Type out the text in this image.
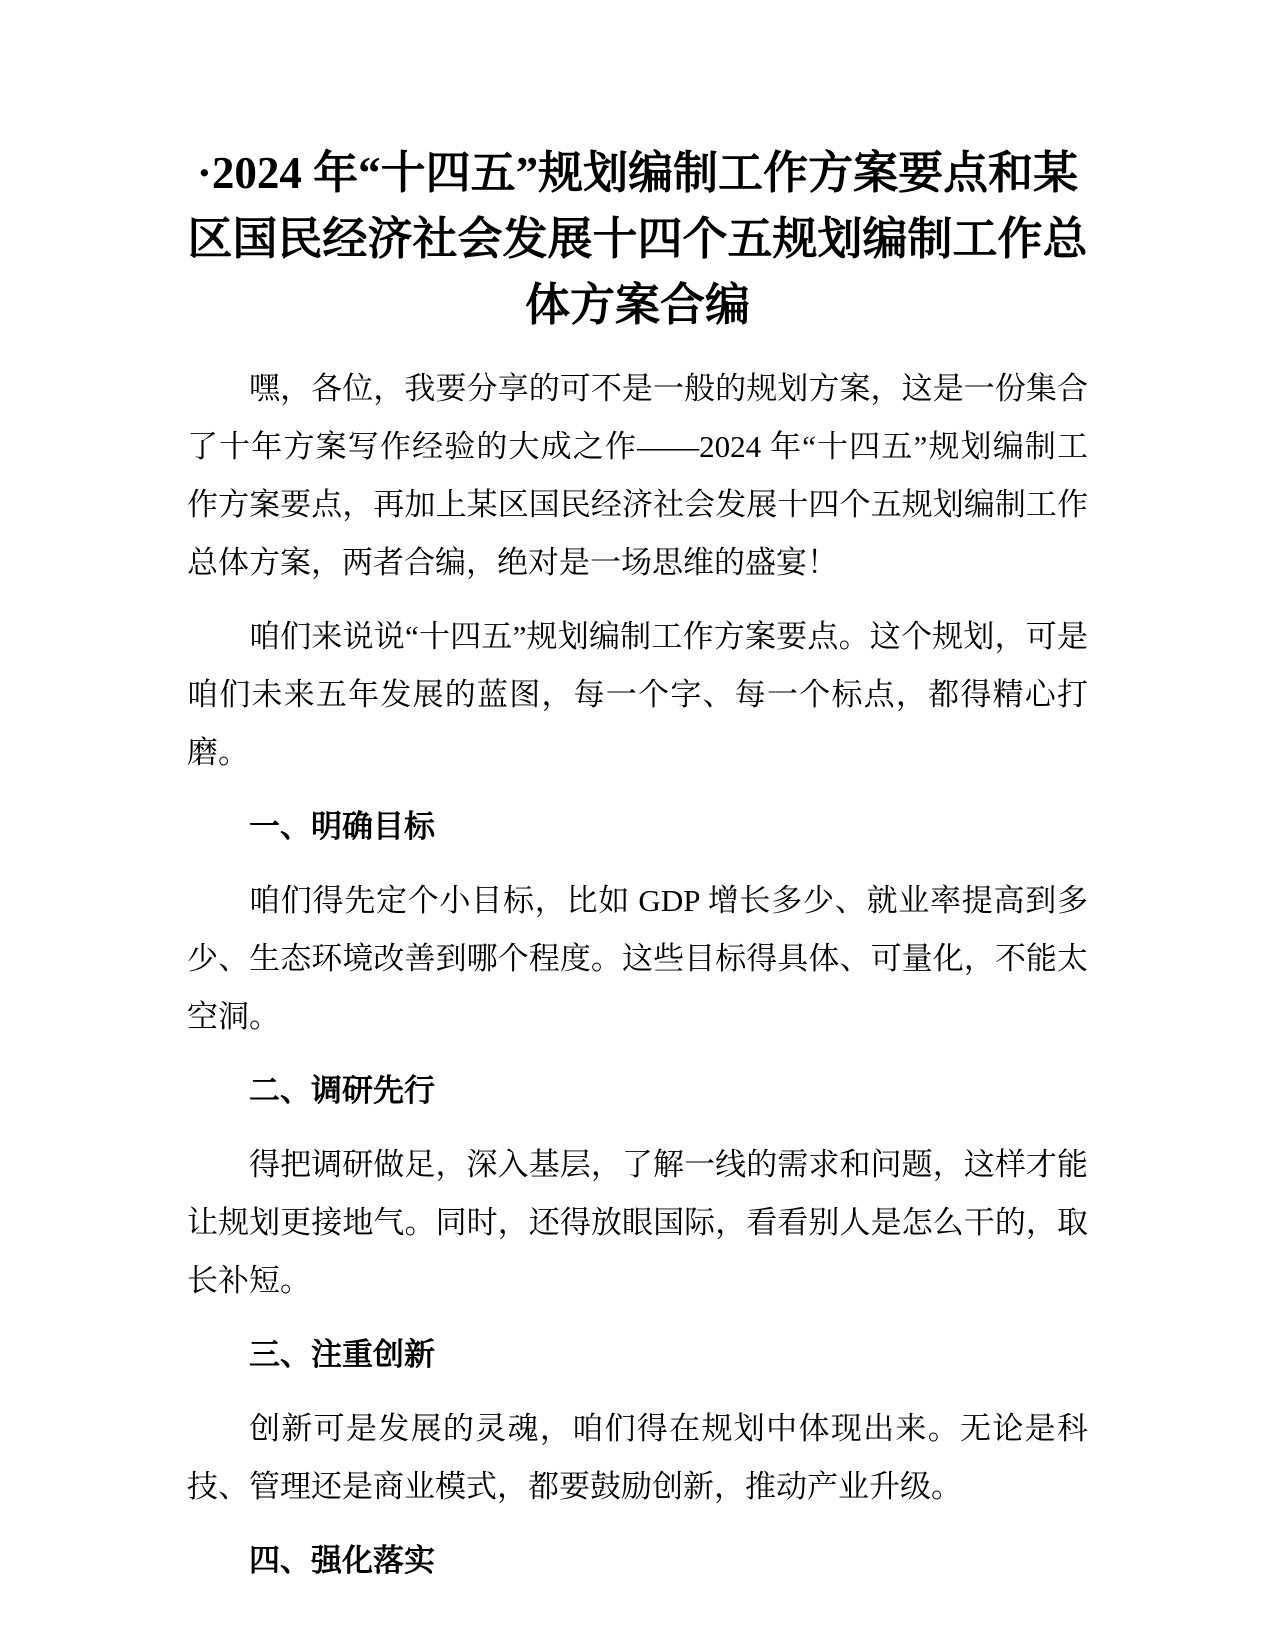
·2024 年“十四五”规划编制工作方案要点和某
区国民经济社会发展十四个五规划编制工作总
体方案合编

嘿，各位，我要分享的可不是一般的规划方案，这是一份集合了十年方案写作经验的大成之作——2024 年“十四五”规划编制工作方案要点，再加上某区国民经济社会发展十四个五规划编制工作总体方案，两者合编，绝对是一场思维的盛宴！

咱们来说说“十四五”规划编制工作方案要点。这个规划，可是咱们未来五年发展的蓝图，每一个字、每一个标点，都得精心打磨。

一、明确目标

咱们得先定个小目标，比如 GDP 增长多少、就业率提高到多少、生态环境改善到哪个程度。这些目标得具体、可量化，不能太空洞。

二、调研先行

得把调研做足，深入基层，了解一线的需求和问题，这样才能让规划更接地气。同时，还得放眼国际，看看别人是怎么干的，取长补短。

三、注重创新

创新可是发展的灵魂，咱们得在规划中体现出来。无论是科技、管理还是商业模式，都要鼓励创新，推动产业升级。

四、强化落实
